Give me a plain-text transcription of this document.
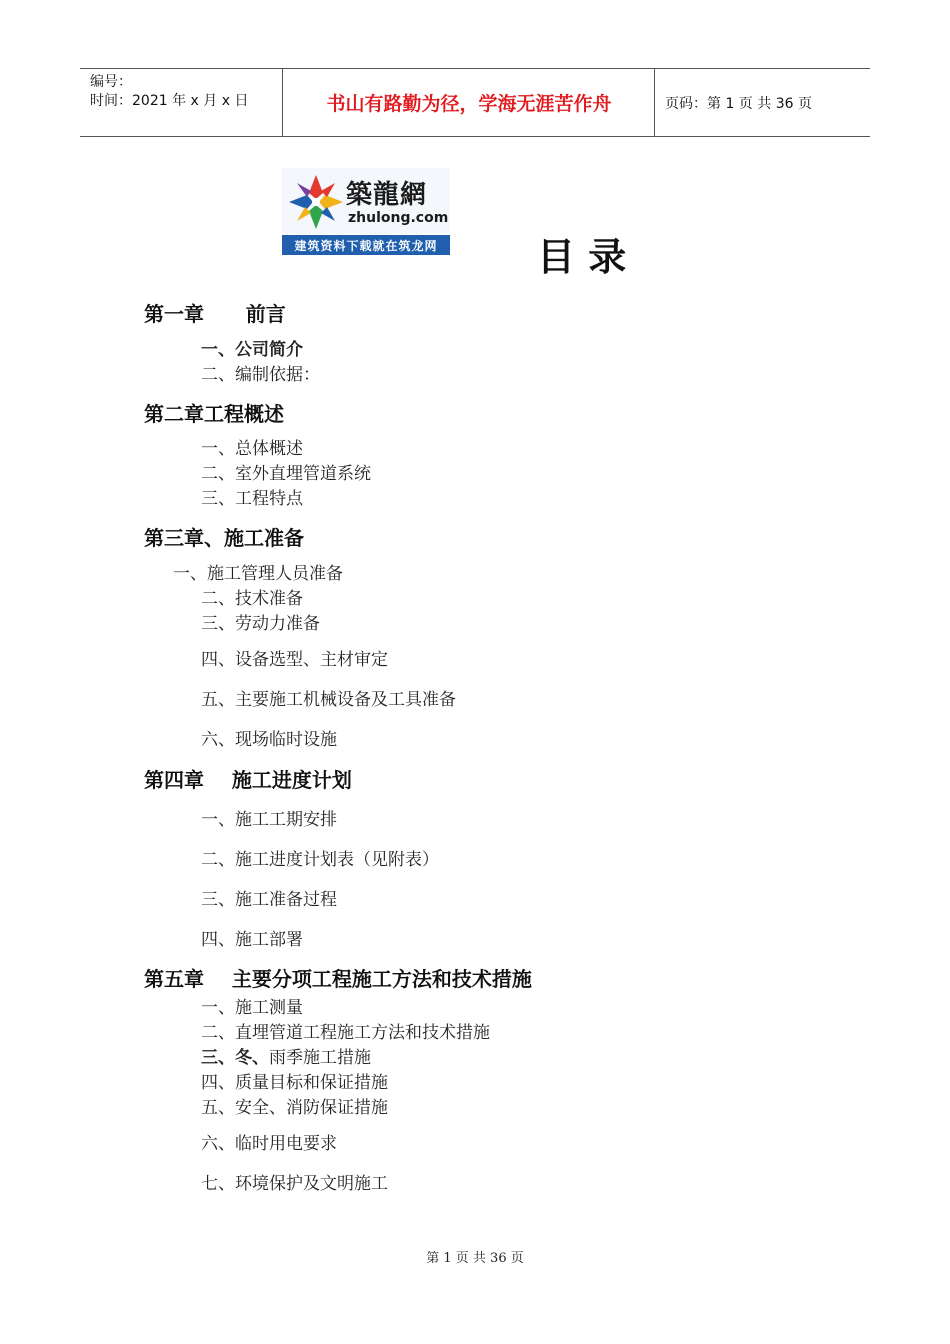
编号：
时间：2021 年 x 月 x 日	书山有路勤为径，学海无涯苦作舟	页码：第 1 页 共 36 页
築龍網
zhulong.com
建筑资料下载就在筑龙网	目 录
第一章      前言
一、公司简介
二、编制依据：
第二章工程概述
一、总体概述
二、室外直埋管道系统
三、工程特点
第三章、施工准备
一、施工管理人员准备
二、技术准备
三、劳动力准备
四、设备选型、主材审定
五、主要施工机械设备及工具准备
六、现场临时设施
第四章    施工进度计划
一、施工工期安排
二、施工进度计划表（见附表）
三、施工准备过程
四、施工部署
第五章    主要分项工程施工方法和技术措施
一、施工测量
二、直埋管道工程施工方法和技术措施
三、冬、雨季施工措施
四、质量目标和保证措施
五、安全、消防保证措施
六、临时用电要求
七、环境保护及文明施工
第 1 页 共 36 页
